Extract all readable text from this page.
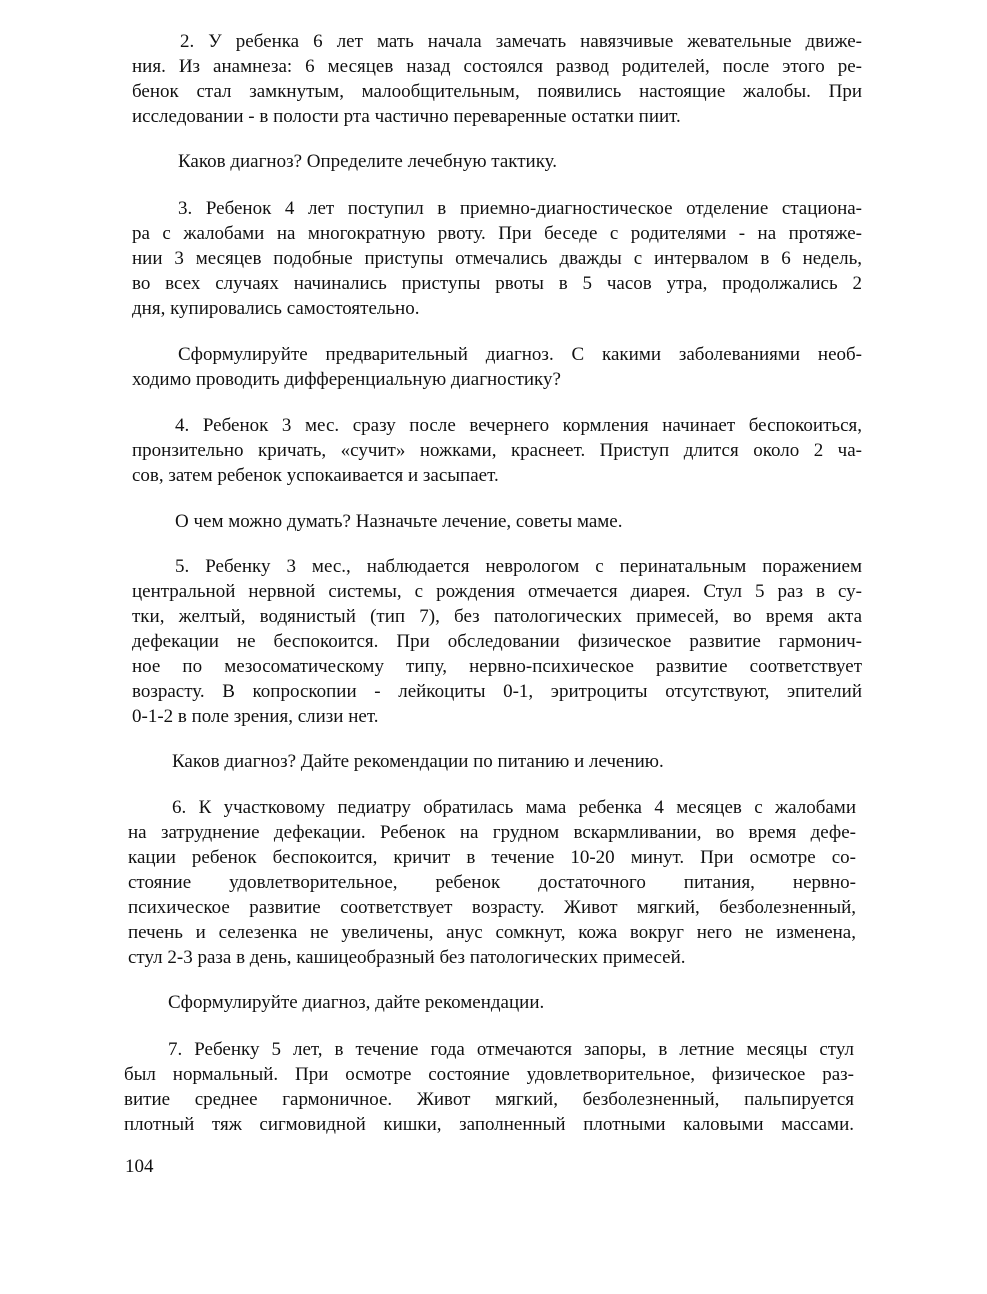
2. У ребенка 6 лет мать начала замечать навязчивые жевательные движе-
ния. Из анамнеза: 6 месяцев назад состоялся развод родителей, после этого ре-
бенок стал замкнутым, малообщительным, появились настоящие жалобы. При
исследовании - в полости рта частично переваренные остатки пиит.
Каков диагноз? Определите лечебную тактику.
3. Ребенок 4 лет поступил в приемно-диагностическое отделение стациона-
ра с жалобами на многократную рвоту. При беседе с родителями - на протяже-
нии 3 месяцев подобные приступы отмечались дважды с интервалом в 6 недель,
во всех случаях начинались приступы рвоты в 5 часов утра, продолжались 2
дня, купировались самостоятельно.
Сформулируйте предварительный диагноз. С какими заболеваниями необ-
ходимо проводить дифференциальную диагностику?
4. Ребенок 3 мес. сразу после вечернего кормления начинает беспокоиться,
пронзительно кричать, «сучит» ножками, краснеет. Приступ длится около 2 ча-
сов, затем ребенок успокаивается и засыпает.
О чем можно думать? Назначьте лечение, советы маме.
5. Ребенку 3 мес., наблюдается неврологом с перинатальным поражением
центральной нервной системы, с рождения отмечается диарея. Стул 5 раз в су-
тки, желтый, водянистый (тип 7), без патологических примесей, во время акта
дефекации не беспокоится. При обследовании физическое развитие гармонич-
ное по мезосоматическому типу, нервно-психическое развитие соответствует
возрасту. В копроскопии - лейкоциты 0-1, эритроциты отсутствуют, эпителий
0-1-2 в поле зрения, слизи нет.
Каков диагноз? Дайте рекомендации по питанию и лечению.
6. К участковому педиатру обратилась мама ребенка 4 месяцев с жалобами
на затруднение дефекации. Ребенок на грудном вскармливании, во время дефе-
кации ребенок беспокоится, кричит в течение 10-20 минут. При осмотре со-
стояние удовлетворительное, ребенок достаточного питания, нервно-
психическое развитие соответствует возрасту. Живот мягкий, безболезненный,
печень и селезенка не увеличены, анус сомкнут, кожа вокруг него не изменена,
стул 2-3 раза в день, кашицеобразный без патологических примесей.
Сформулируйте диагноз, дайте рекомендации.
7. Ребенку 5 лет, в течение года отмечаются запоры, в летние месяцы стул
был нормальный. При осмотре состояние удовлетворительное, физическое раз-
витие среднее гармоничное. Живот мягкий, безболезненный, пальпируется
плотный тяж сигмовидной кишки, заполненный плотными каловыми массами.
104
